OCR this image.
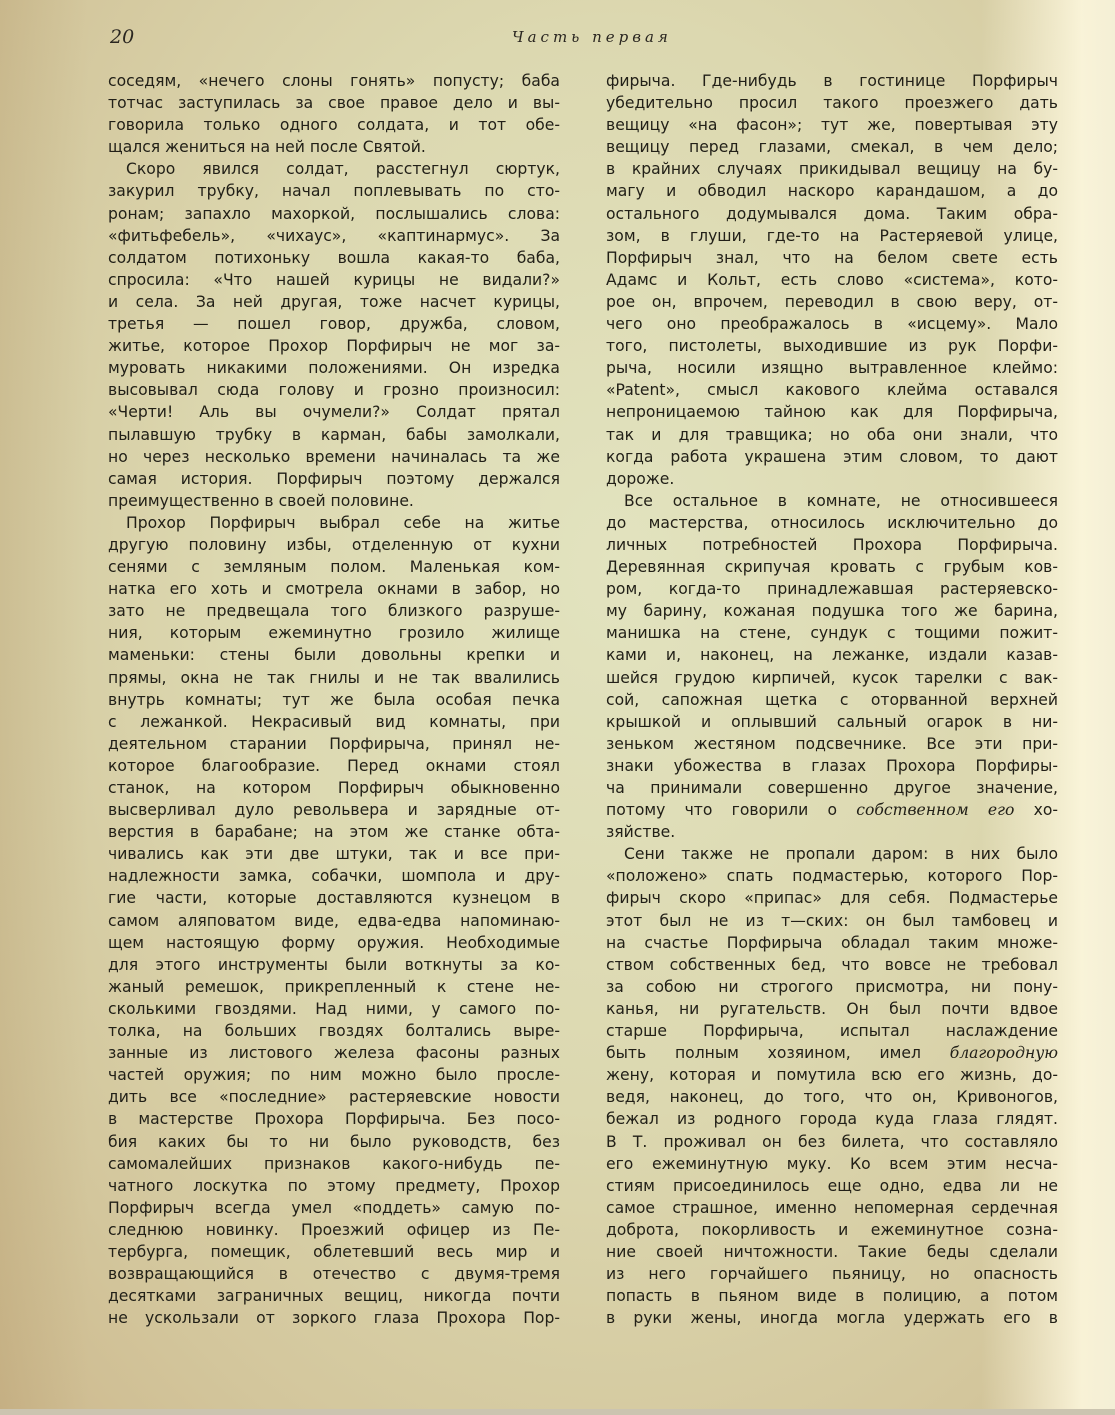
20	Часть первая
соседям, «нечего слоны гонять» попусту; баба
тотчас заступилась за свое правое дело и вы-
говорила только одного солдата, и тот обе-
щался жениться на ней после Святой.
Скоро явился солдат, расстегнул сюртук,
закурил трубку, начал поплевывать по сто-
ронам; запахло махоркой, послышались слова:
«фитьфебель», «чихаус», «каптинармус». За
солдатом потихоньку вошла какая-то баба,
спросила: «Что нашей курицы не видали?»
и села. За ней другая, тоже насчет курицы,
третья — пошел говор, дружба, словом,
житье, которое Прохор Порфирыч не мог за-
муровать никакими положениями. Он изредка
высовывал сюда голову и грозно произносил:
«Черти! Аль вы очумели?» Солдат прятал
пылавшую трубку в карман, бабы замолкали,
но через несколько времени начиналась та же
самая история. Порфирыч поэтому держался
преимущественно в своей половине.
Прохор Порфирыч выбрал себе на житье
другую половину избы, отделенную от кухни
сенями с земляным полом. Маленькая ком-
натка его хоть и смотрела окнами в забор, но
зато не предвещала того близкого разруше-
ния, которым ежеминутно грозило жилище
маменьки: стены были довольны крепки и
прямы, окна не так гнилы и не так ввалились
внутрь комнаты; тут же была особая печка
с лежанкой. Некрасивый вид комнаты, при
деятельном старании Порфирыча, принял не-
которое благообразие. Перед окнами стоял
станок, на котором Порфирыч обыкновенно
высверливал дуло револьвера и зарядные от-
верстия в барабане; на этом же станке обта-
чивались как эти две штуки, так и все при-
надлежности замка, собачки, шомпола и дру-
гие части, которые доставляются кузнецом в
самом аляповатом виде, едва-едва напоминаю-
щем настоящую форму оружия. Необходимые
для этого инструменты были воткнуты за ко-
жаный ремешок, прикрепленный к стене не-
сколькими гвоздями. Над ними, у самого по-
толка, на больших гвоздях болтались выре-
занные из листового железа фасоны разных
частей оружия; по ним можно было просле-
дить все «последние» растеряевские новости
в мастерстве Прохора Порфирыча. Без посо-
бия каких бы то ни было руководств, без
самомалейших признаков какого-нибудь пе-
чатного лоскутка по этому предмету, Прохор
Порфирыч всегда умел «поддеть» самую по-
следнюю новинку. Проезжий офицер из Пе-
тербурга, помещик, облетевший весь мир и
возвращающийся в отечество с двумя-тремя
десятками заграничных вещиц, никогда почти
не ускользали от зоркого глаза Прохора Пор-
фирыча. Где-нибудь в гостинице Порфирыч
убедительно просил такого проезжего дать
вещицу «на фасон»; тут же, повертывая эту
вещицу перед глазами, смекал, в чем дело;
в крайних случаях прикидывал вещицу на бу-
магу и обводил наскоро карандашом, а до
остального додумывался дома. Таким обра-
зом, в глуши, где-то на Растеряевой улице,
Порфирыч знал, что на белом свете есть
Адамс и Кольт, есть слово «система», кото-
рое он, впрочем, переводил в свою веру, от-
чего оно преображалось в «исцему». Мало
того, пистолеты, выходившие из рук Порфи-
рыча, носили изящно вытравленное клеймо:
«Patent», смысл какового клейма оставался
непроницаемою тайною как для Порфирыча,
так и для травщика; но оба они знали, что
когда работа украшена этим словом, то дают
дороже.
Все остальное в комнате, не относившееся
до мастерства, относилось исключительно до
личных потребностей Прохора Порфирыча.
Деревянная скрипучая кровать с грубым ков-
ром, когда-то принадлежавшая растеряевско-
му барину, кожаная подушка того же барина,
манишка на стене, сундук с тощими пожит-
ками и, наконец, на лежанке, издали казав-
шейся грудою кирпичей, кусок тарелки с вак-
сой, сапожная щетка с оторванной верхней
крышкой и оплывший сальный огарок в ни-
зеньком жестяном подсвечнике. Все эти при-
знаки убожества в глазах Прохора Порфиры-
ча принимали совершенно другое значение,
потому что говорили о собственном его хо-
зяйстве.
Сени также не пропали даром: в них было
«положено» спать подмастерью, которого Пор-
фирыч скоро «припас» для себя. Подмастерье
этот был не из т—ских: он был тамбовец и
на счастье Порфирыча обладал таким множе-
ством собственных бед, что вовсе не требовал
за собою ни строгого присмотра, ни пону-
канья, ни ругательств. Он был почти вдвое
старше Порфирыча, испытал наслаждение
быть полным хозяином, имел благородную
жену, которая и помутила всю его жизнь, до-
ведя, наконец, до того, что он, Кривоногов,
бежал из родного города куда глаза глядят.
В Т. проживал он без билета, что составляло
его ежеминутную муку. Ко всем этим несча-
стиям присоединилось еще одно, едва ли не
самое страшное, именно непомерная сердечная
доброта, покорливость и ежеминутное созна-
ние своей ничтожности. Такие беды сделали
из него горчайшего пьяницу, но опасность
попасть в пьяном виде в полицию, а потом
в руки жены, иногда могла удержать его в
